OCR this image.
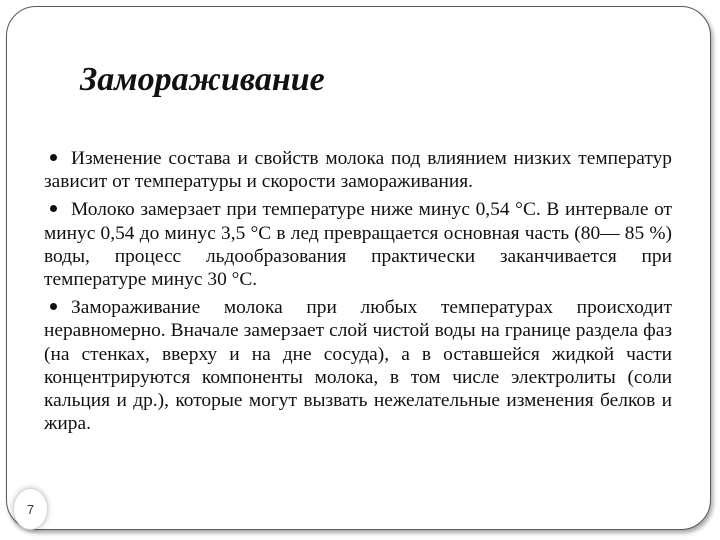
Замораживание

Изменение состава и свойств молока под влиянием низких температур зависит от температуры и скорости замораживания.

Молоко замерзает при температуре ниже минус 0,54 °С. В интервале от минус 0,54 до минус 3,5 °С в лед превращается основная часть (80— 85 %) воды, процесс льдообразования практически заканчивается при температуре минус 30 °С.

Замораживание молока при любых температурах происходит неравномерно. Вначале замерзает слой чистой воды на границе раздела фаз (на стенках, вверху и на дне сосуда), а в оставшейся жидкой части концентрируются компоненты молока, в том числе электролиты (соли кальция и др.), которые могут вызвать нежелательные изменения белков и жира.

7
